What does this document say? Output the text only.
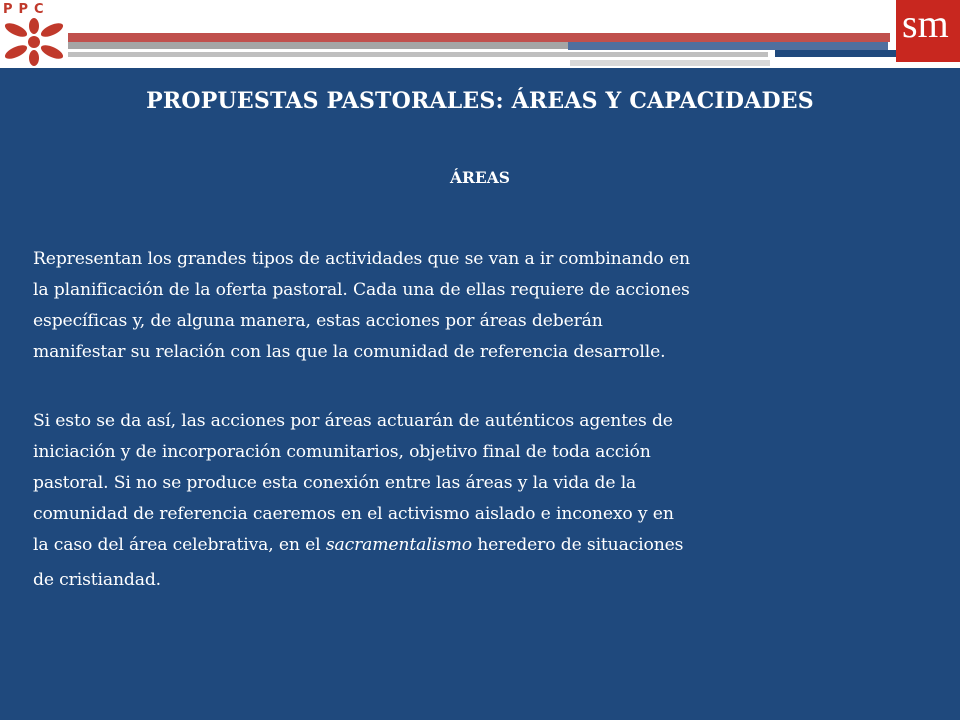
PPC	sm
PROPUESTAS PASTORALES: ÁREAS Y CAPACIDADES
ÁREAS

Representan los grandes tipos de actividades que se van a ir combinando en
la planificación de la oferta pastoral. Cada una de ellas requiere de acciones
específicas y, de alguna manera, estas acciones por áreas deberán
manifestar su relación con las que la comunidad de referencia desarrolle.

Si esto se da así, las acciones por áreas actuarán de auténticos agentes de
iniciación y de incorporación comunitarios, objetivo final de toda acción
pastoral. Si no se produce esta conexión entre las áreas y la vida de la
comunidad de referencia caeremos en el activismo aislado e inconexo y en
la caso del área celebrativa, en el sacramentalismo heredero de situaciones
de cristiandad.
